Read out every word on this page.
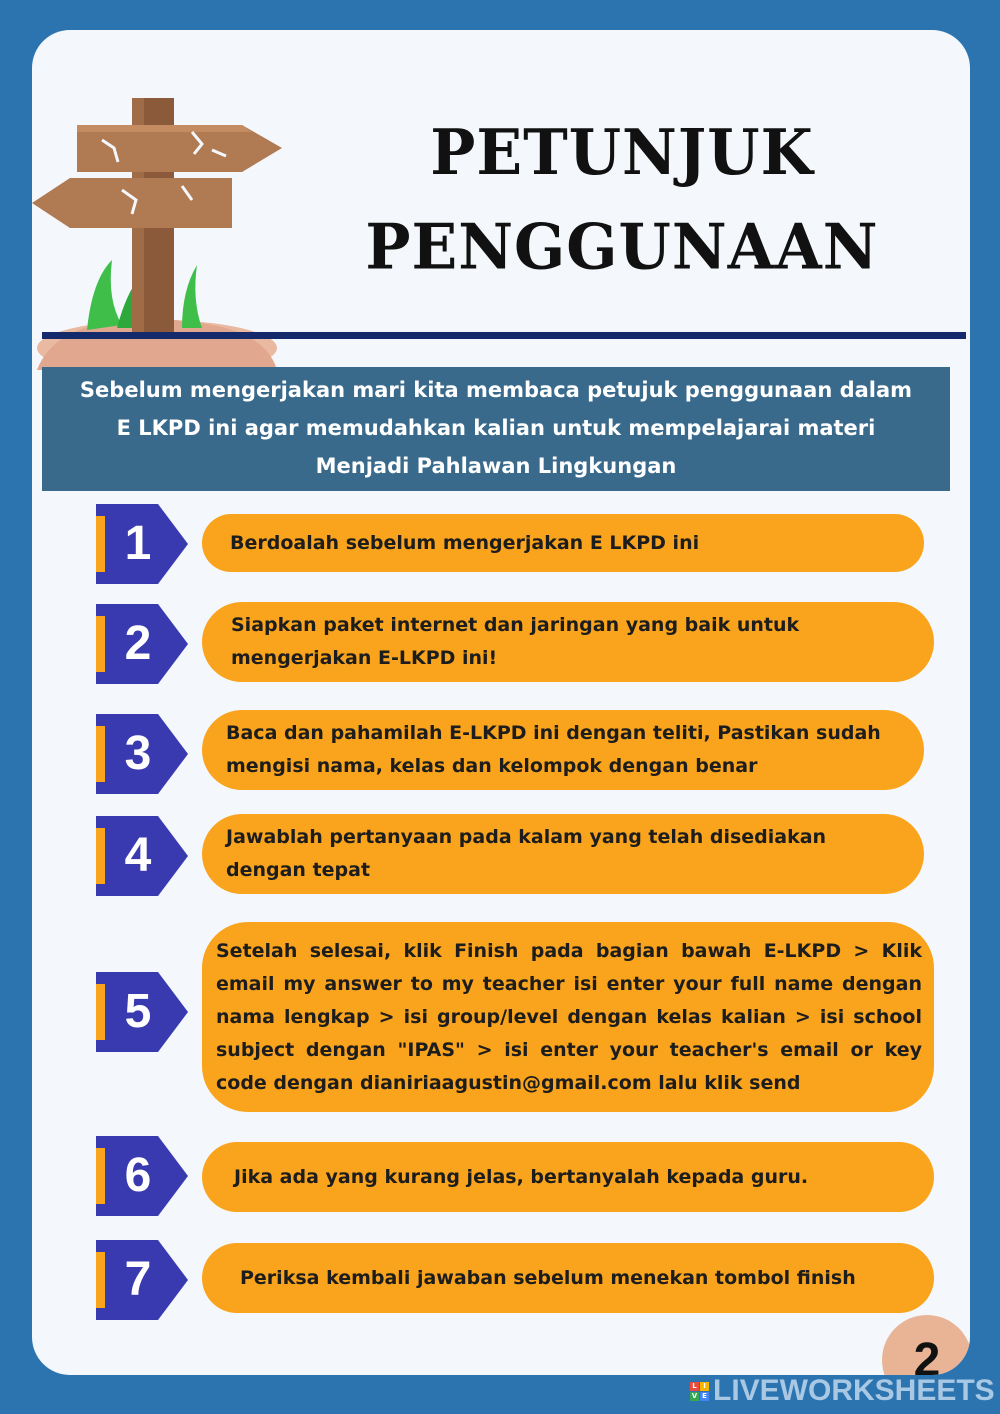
PETUNJUK
PENGGUNAAN
Sebelum mengerjakan mari kita membaca petujuk penggunaan dalam
E LKPD ini agar memudahkan kalian untuk mempelajarai materi
Menjadi Pahlawan Lingkungan
1	Berdoalah sebelum mengerjakan E LKPD ini
2	Siapkan paket internet dan jaringan yang baik untuk mengerjakan E-LKPD ini!
3	Baca dan pahamilah E-LKPD ini dengan teliti, Pastikan sudah mengisi nama, kelas dan kelompok dengan benar
4	Jawablah pertanyaan pada kalam yang telah disediakan dengan tepat
5
Setelah selesai, klik Finish pada bagian bawah E-LKPD > Klik email my answer to my teacher isi enter your full name dengan nama lengkap > isi group/level dengan kelas kalian > isi school subject dengan "IPAS" > isi enter your teacher's email or key code dengan dianiriaagustin@gmail.com lalu klik send
6	Jika ada yang kurang jelas, bertanyalah kepada guru.
7	Periksa kembali jawaban sebelum menekan tombol finish
2
L I
V E LIVEWORKSHEETS
